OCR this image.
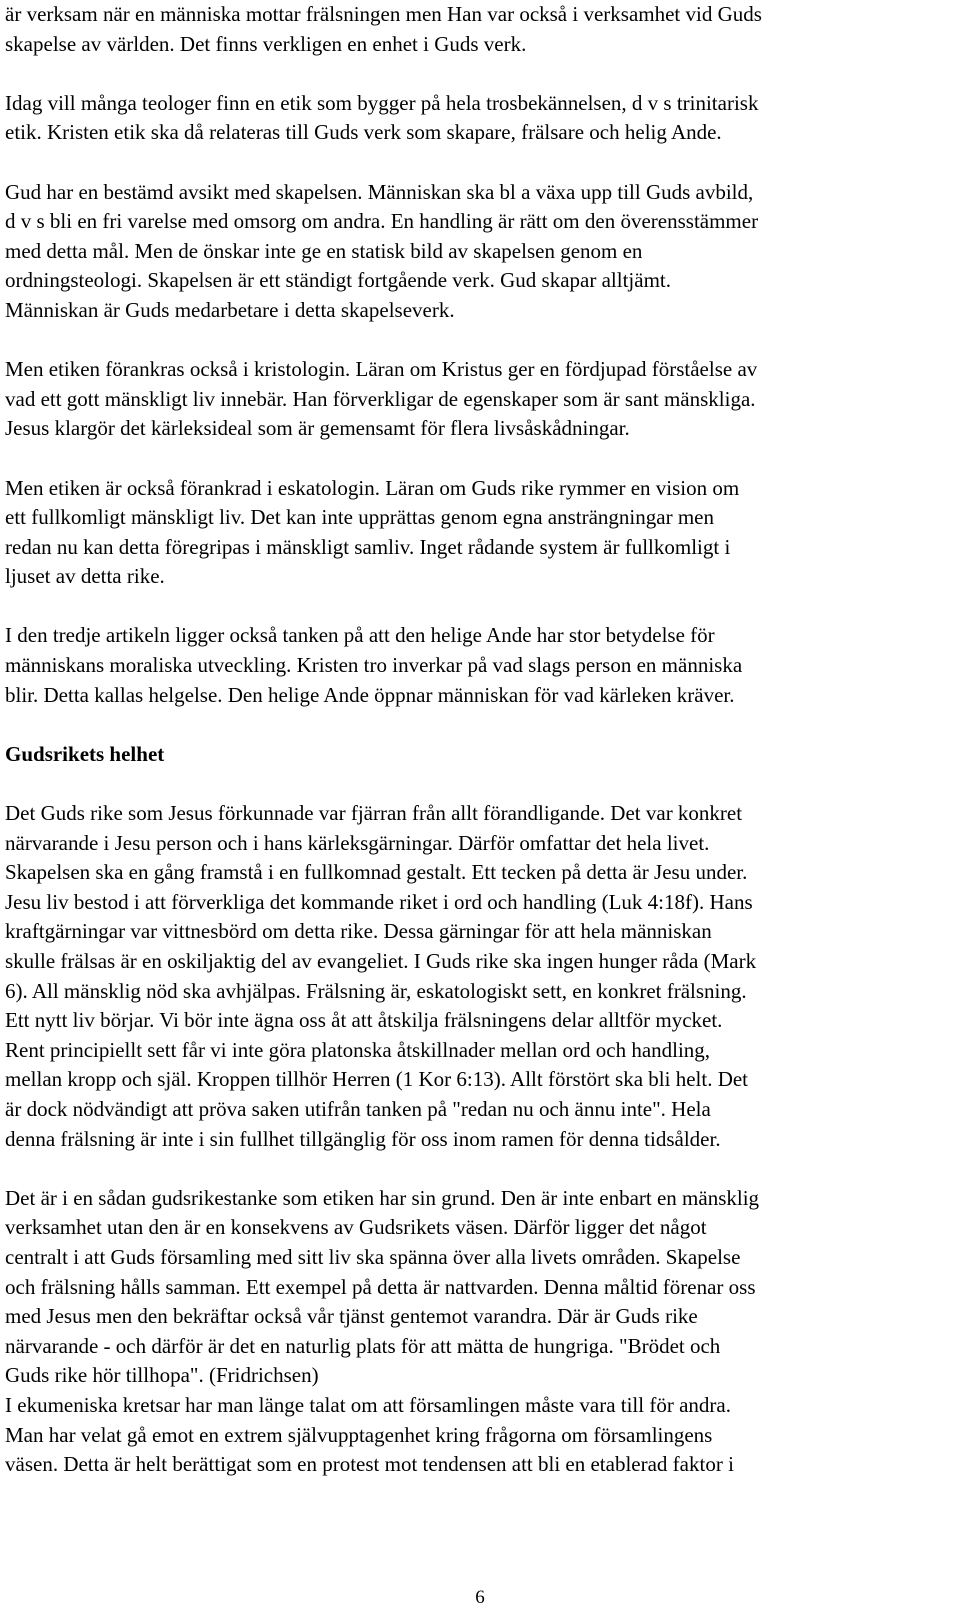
är verksam när en människa mottar frälsningen men Han var också i verksamhet vid Guds

skapelse av världen. Det finns verkligen en enhet i Guds verk.

Idag vill många teologer finn en etik som bygger på hela trosbekännelsen, d v s trinitarisk

etik. Kristen etik ska då relateras till Guds verk som skapare, frälsare och helig Ande.

Gud har en bestämd avsikt med skapelsen. Människan ska bl a växa upp till Guds avbild,

d v s bli en fri varelse med omsorg om andra. En handling är rätt om den överensstämmer

med detta mål. Men de önskar inte ge en statisk bild av skapelsen genom en

ordningsteologi. Skapelsen är ett ständigt fortgående verk. Gud skapar alltjämt.

Människan är Guds medarbetare i detta skapelseverk.

Men etiken förankras också i kristologin. Läran om Kristus ger en fördjupad förståelse av

vad ett gott mänskligt liv innebär. Han förverkligar de egenskaper som är sant mänskliga.

Jesus klargör det kärleksideal som är gemensamt för flera livsåskådningar.

Men etiken är också förankrad i eskatologin. Läran om Guds rike rymmer en vision om

ett fullkomligt mänskligt liv. Det kan inte upprättas genom egna ansträngningar men

redan nu kan detta föregripas i mänskligt samliv. Inget rådande system är fullkomligt i

ljuset av detta rike.

I den tredje artikeln ligger också tanken på att den helige Ande har stor betydelse för

människans moraliska utveckling. Kristen tro inverkar på vad slags person en människa

blir. Detta kallas helgelse. Den helige Ande öppnar människan för vad kärleken kräver.

Gudsrikets helhet

Det Guds rike som Jesus förkunnade var fjärran från allt förandligande. Det var konkret

närvarande i Jesu person och i hans kärleksgärningar. Därför omfattar det hela livet.

Skapelsen ska en gång framstå i en fullkomnad gestalt. Ett tecken på detta är Jesu under.

Jesu liv bestod i att förverkliga det kommande riket i ord och handling (Luk 4:18f). Hans

kraftgärningar var vittnesbörd om detta rike. Dessa gärningar för att hela människan

skulle frälsas är en oskiljaktig del av evangeliet. I Guds rike ska ingen hunger råda (Mark

6). All mänsklig nöd ska avhjälpas. Frälsning är, eskatologiskt sett, en konkret frälsning.

Ett nytt liv börjar. Vi bör inte ägna oss åt att åtskilja frälsningens delar alltför mycket.

Rent principiellt sett får vi inte göra platonska åtskillnader mellan ord och handling,

mellan kropp och själ. Kroppen tillhör Herren (1 Kor 6:13). Allt förstört ska bli helt. Det

är dock nödvändigt att pröva saken utifrån tanken på "redan nu och ännu inte". Hela

denna frälsning är inte i sin fullhet tillgänglig för oss inom ramen för denna tidsålder.

Det är i en sådan gudsrikestanke som etiken har sin grund. Den är inte enbart en mänsklig

verksamhet utan den är en konsekvens av Gudsrikets väsen. Därför ligger det något

centralt i att Guds församling med sitt liv ska spänna över alla livets områden. Skapelse

och frälsning hålls samman. Ett exempel på detta är nattvarden. Denna måltid förenar oss

med Jesus men den bekräftar också vår tjänst gentemot varandra. Där är Guds rike

närvarande - och därför är det en naturlig plats för att mätta de hungriga. "Brödet och

Guds rike hör tillhopa". (Fridrichsen)

I ekumeniska kretsar har man länge talat om att församlingen måste vara till för andra.

Man har velat gå emot en extrem självupptagenhet kring frågorna om församlingens

väsen. Detta är helt berättigat som en protest mot tendensen att bli en etablerad faktor i

6
